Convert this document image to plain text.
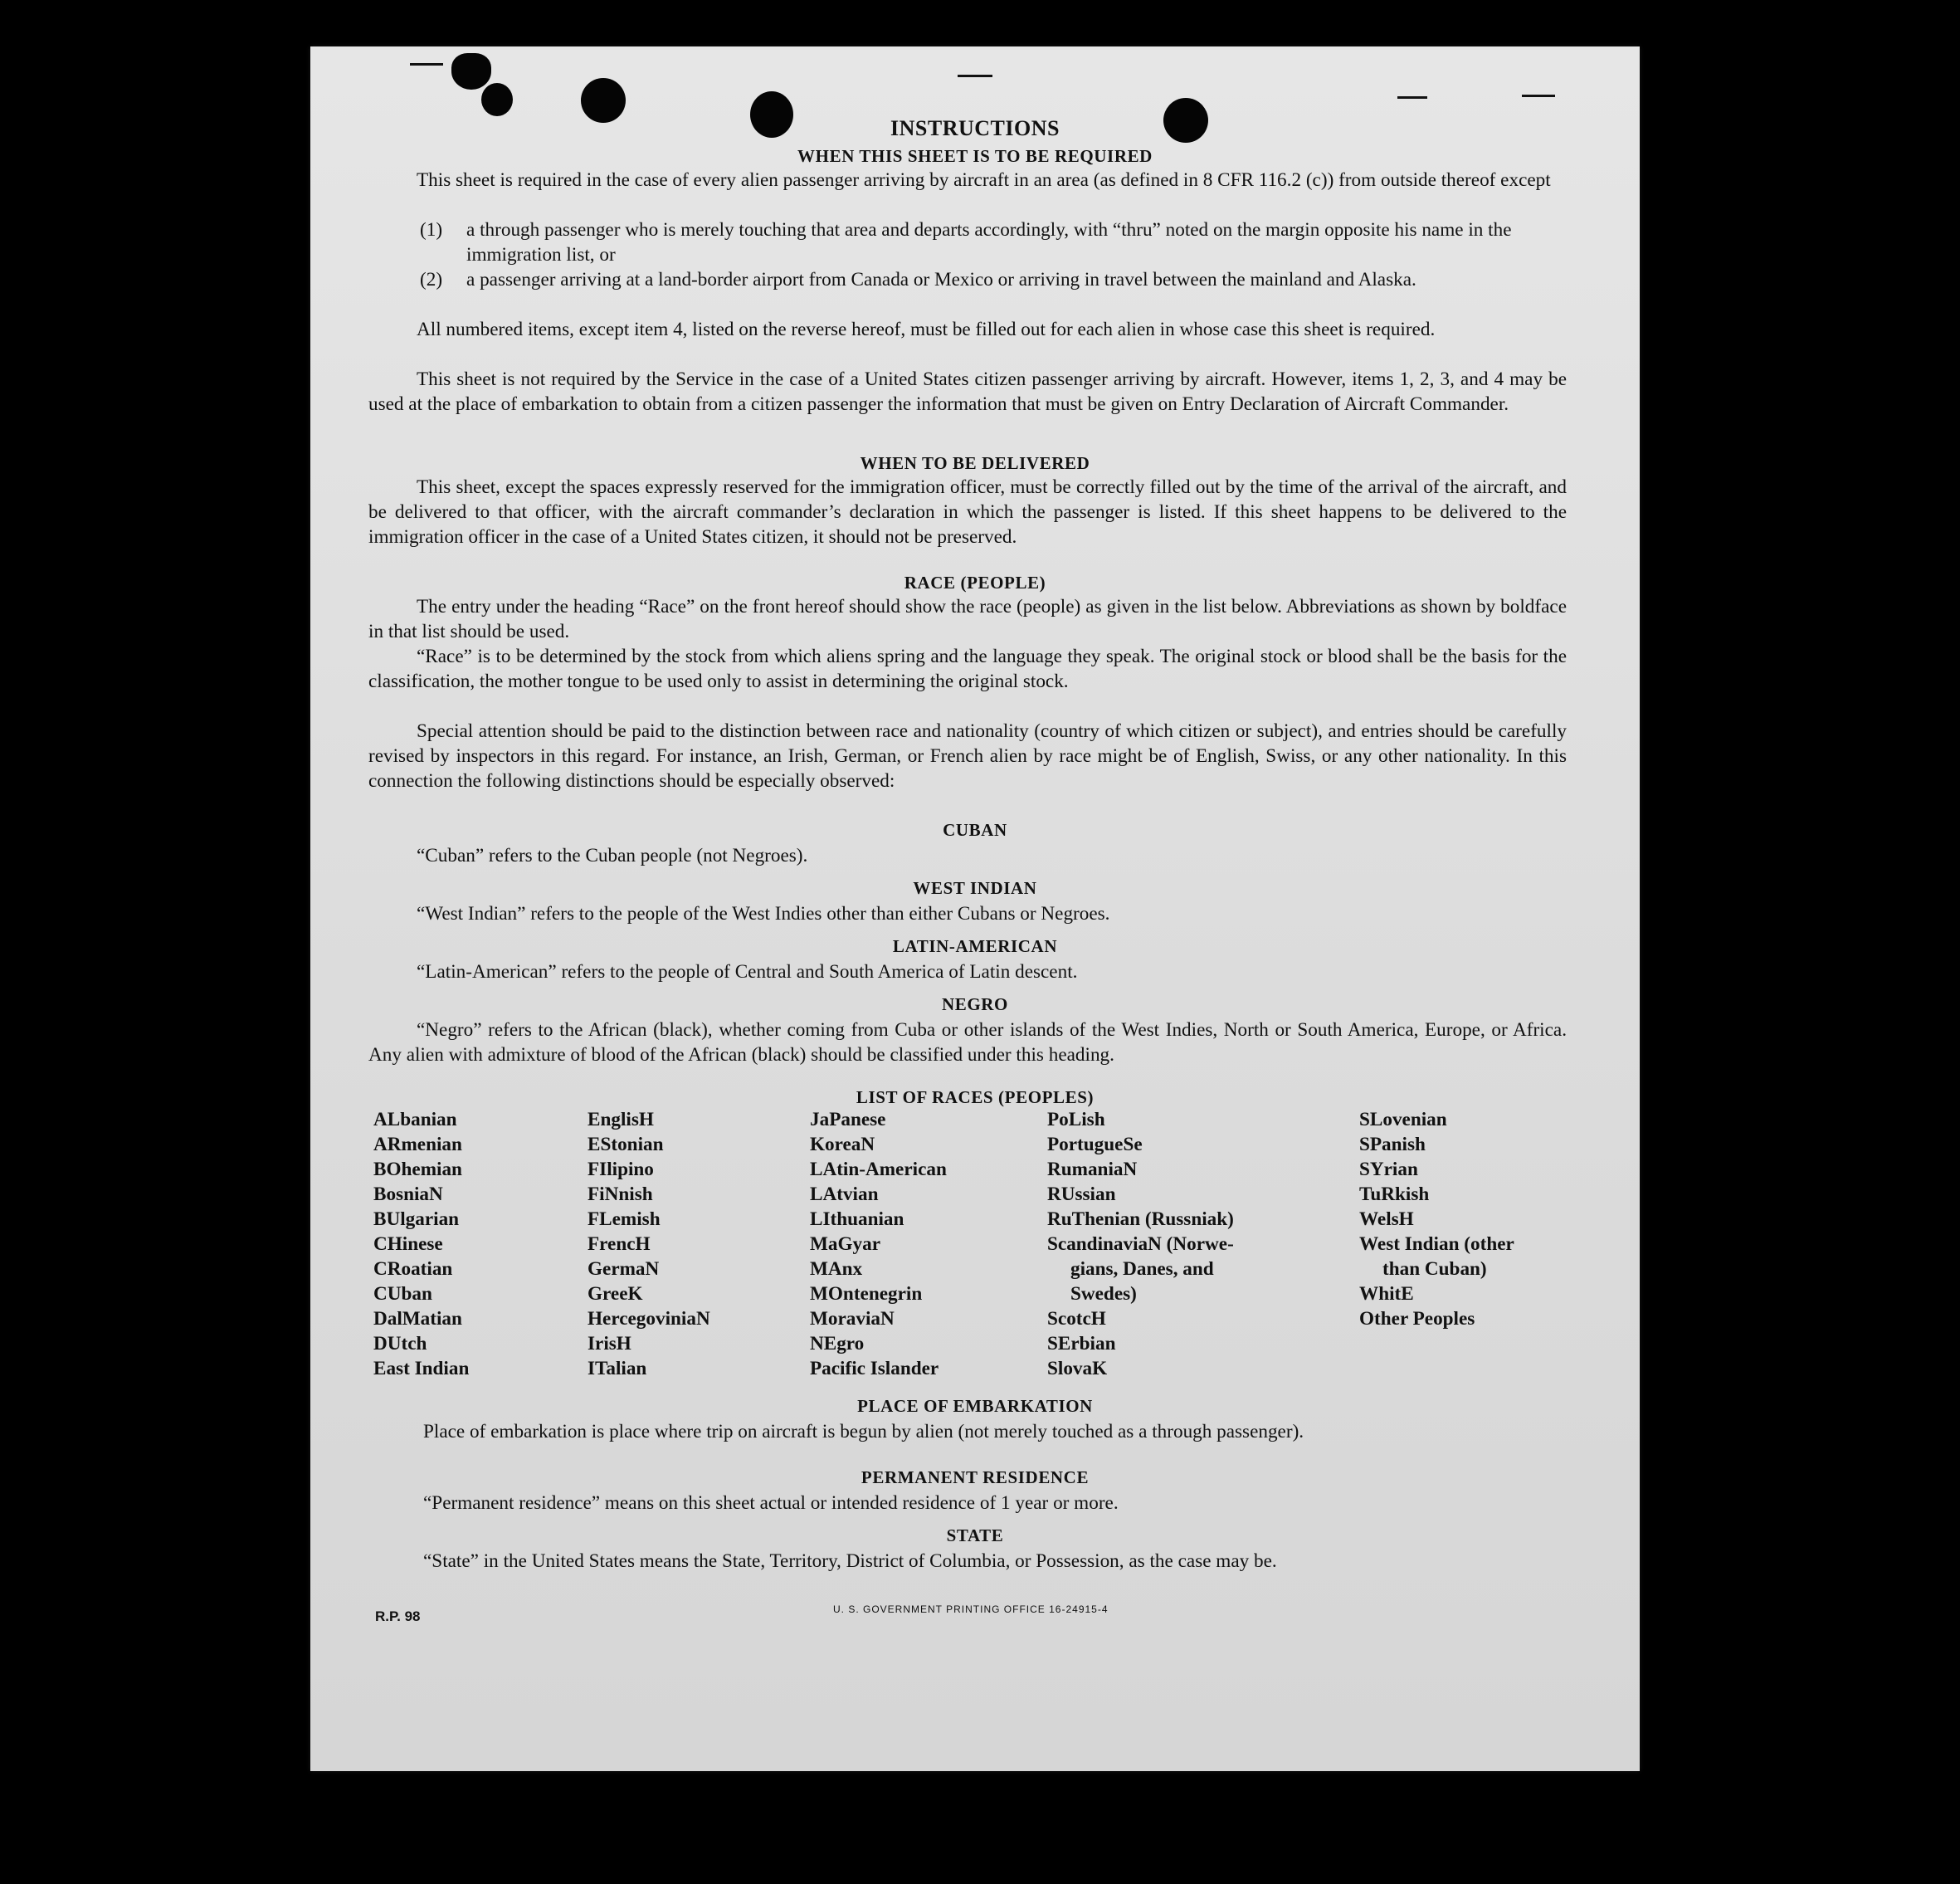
INSTRUCTIONS
WHEN THIS SHEET IS TO BE REQUIRED
This sheet is required in the case of every alien passenger arriving by aircraft in an area (as defined in 8 CFR 116.2 (c)) from outside thereof except
(1) a through passenger who is merely touching that area and departs accordingly, with “thru” noted on the margin opposite his name in the immigration list, or
(2) a passenger arriving at a land-border airport from Canada or Mexico or arriving in travel between the mainland and Alaska.
All numbered items, except item 4, listed on the reverse hereof, must be filled out for each alien in whose case this sheet is required.
This sheet is not required by the Service in the case of a United States citizen passenger arriving by aircraft. However, items 1, 2, 3, and 4 may be used at the place of embarkation to obtain from a citizen passenger the information that must be given on Entry Declaration of Aircraft Commander.
WHEN TO BE DELIVERED
This sheet, except the spaces expressly reserved for the immigration officer, must be correctly filled out by the time of the arrival of the aircraft, and be delivered to that officer, with the aircraft commander’s declaration in which the passenger is listed. If this sheet happens to be delivered to the immigration officer in the case of a United States citizen, it should not be preserved.
RACE (PEOPLE)
The entry under the heading “Race” on the front hereof should show the race (people) as given in the list below. Abbreviations as shown by boldface in that list should be used.
“Race” is to be determined by the stock from which aliens spring and the language they speak. The original stock or blood shall be the basis for the classification, the mother tongue to be used only to assist in determining the original stock.
Special attention should be paid to the distinction between race and nationality (country of which citizen or subject), and entries should be carefully revised by inspectors in this regard. For instance, an Irish, German, or French alien by race might be of English, Swiss, or any other nationality. In this connection the following distinctions should be especially observed:
CUBAN
“Cuban” refers to the Cuban people (not Negroes).
WEST INDIAN
“West Indian” refers to the people of the West Indies other than either Cubans or Negroes.
LATIN-AMERICAN
“Latin-American” refers to the people of Central and South America of Latin descent.
NEGRO
“Negro” refers to the African (black), whether coming from Cuba or other islands of the West Indies, North or South America, Europe, or Africa. Any alien with admixture of blood of the African (black) should be classified under this heading.
LIST OF RACES (PEOPLES)
ALbanian
ARmenian
BOhemian
BosniaN
BUlgarian
CHinese
CRoatian
CUban
DalMatian
DUtch
East Indian
EnglisH
EStonian
FIlipino
FiNnish
FLemish
FrencH
GermaN
GreeK
HercegoviniaN
IrisH
ITalian
JaPanese
KoreaN
LAtin-American
LAtvian
LIthuanian
MaGyar
MAnx
MOntenegrin
MoraviaN
NEgro
Pacific Islander
PoLish
PortugueSe
RumaniaN
RUssian
RuThenian (Russniak)
ScandinaviaN (Norwe-
gians, Danes, and
Swedes)
ScotcH
SErbian
SlovaK
SLovenian
SPanish
SYrian
TuRkish
WelsH
West Indian (other
than Cuban)
WhitE
Other Peoples
PLACE OF EMBARKATION
Place of embarkation is place where trip on aircraft is begun by alien (not merely touched as a through passenger).
PERMANENT RESIDENCE
“Permanent residence” means on this sheet actual or intended residence of 1 year or more.
STATE
“State” in the United States means the State, Territory, District of Columbia, or Possession, as the case may be.
U. S. GOVERNMENT PRINTING OFFICE 16-24915-4
R.P. 98
